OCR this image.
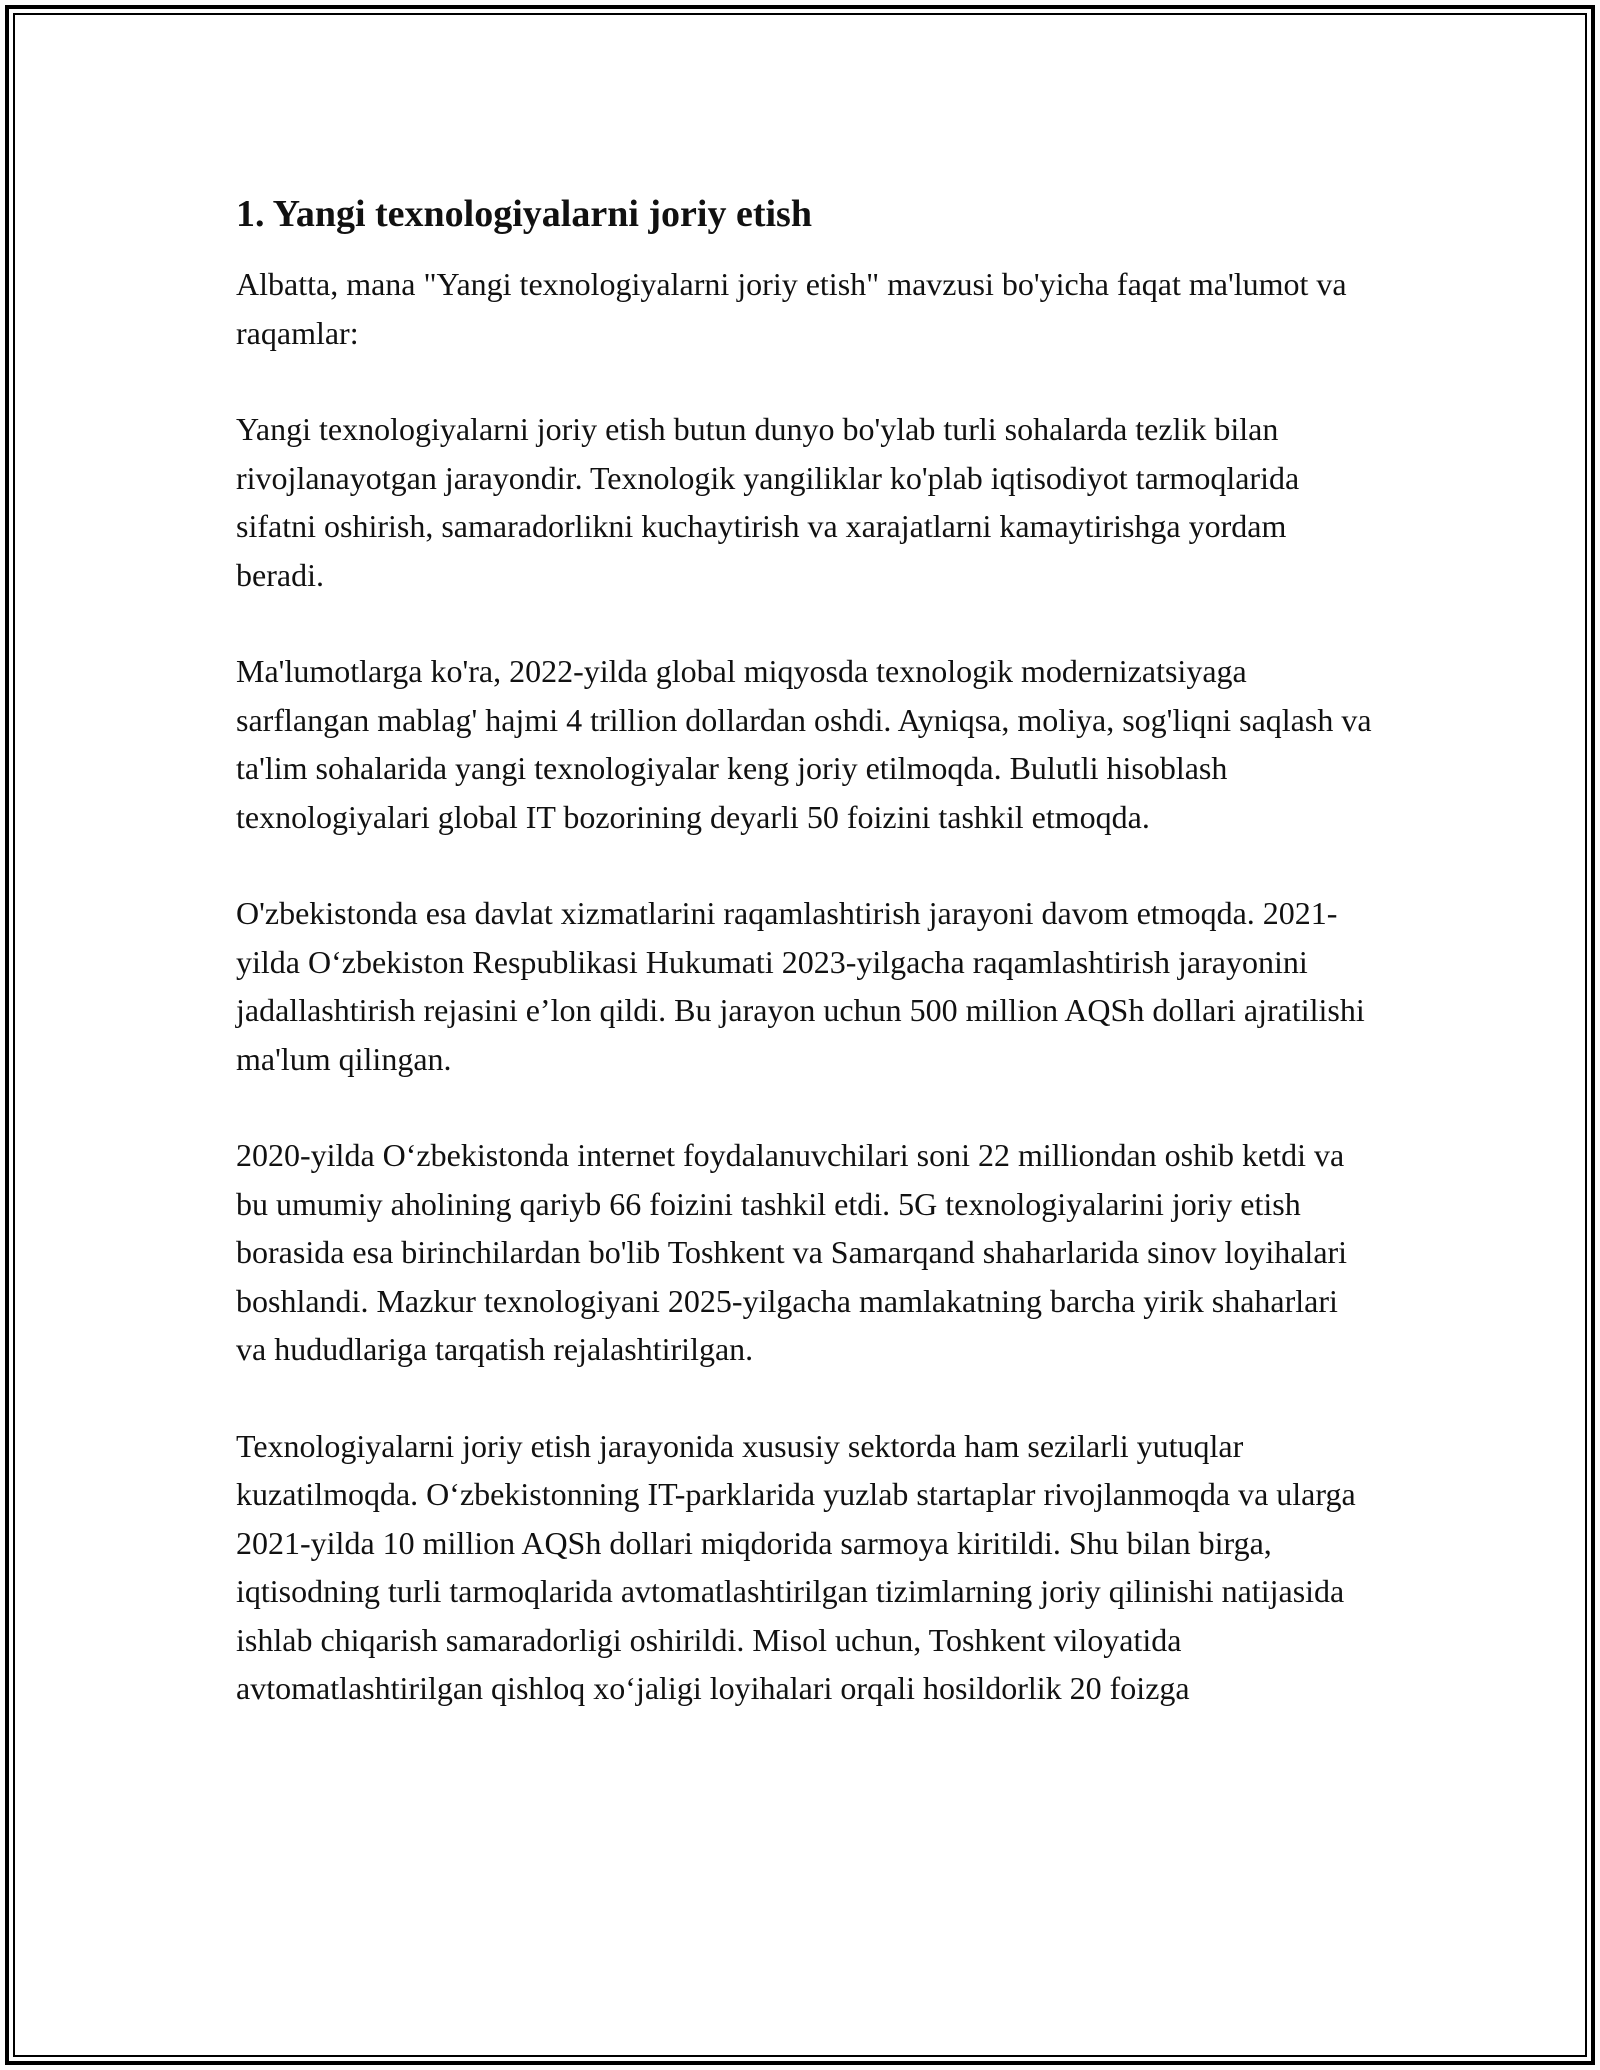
1. Yangi texnologiyalarni joriy etish

Albatta, mana "Yangi texnologiyalarni joriy etish" mavzusi bo'yicha faqat ma'lumot va raqamlar:

Yangi texnologiyalarni joriy etish butun dunyo bo'ylab turli sohalarda tezlik bilan rivojlanayotgan jarayondir. Texnologik yangiliklar ko'plab iqtisodiyot tarmoqlarida sifatni oshirish, samaradorlikni kuchaytirish va xarajatlarni kamaytirishga yordam beradi.

Ma'lumotlarga ko'ra, 2022-yilda global miqyosda texnologik modernizatsiyaga sarflangan mablag' hajmi 4 trillion dollardan oshdi. Ayniqsa, moliya, sog'liqni saqlash va ta'lim sohalarida yangi texnologiyalar keng joriy etilmoqda. Bulutli hisoblash texnologiyalari global IT bozorining deyarli 50 foizini tashkil etmoqda.

O'zbekistonda esa davlat xizmatlarini raqamlashtirish jarayoni davom etmoqda. 2021-yilda O‘zbekiston Respublikasi Hukumati 2023-yilgacha raqamlashtirish jarayonini jadallashtirish rejasini e’lon qildi. Bu jarayon uchun 500 million AQSh dollari ajratilishi ma'lum qilingan.

2020-yilda O‘zbekistonda internet foydalanuvchilari soni 22 milliondan oshib ketdi va bu umumiy aholining qariyb 66 foizini tashkil etdi. 5G texnologiyalarini joriy etish borasida esa birinchilardan bo'lib Toshkent va Samarqand shaharlarida sinov loyihalari boshlandi. Mazkur texnologiyani 2025-yilgacha mamlakatning barcha yirik shaharlari va hududlariga tarqatish rejalashtirilgan.

Texnologiyalarni joriy etish jarayonida xususiy sektorda ham sezilarli yutuqlar kuzatilmoqda. O‘zbekistonning IT-parklarida yuzlab startaplar rivojlanmoqda va ularga 2021-yilda 10 million AQSh dollari miqdorida sarmoya kiritildi. Shu bilan birga, iqtisodning turli tarmoqlarida avtomatlashtirilgan tizimlarning joriy qilinishi natijasida ishlab chiqarish samaradorligi oshirildi. Misol uchun, Toshkent viloyatida avtomatlashtirilgan qishloq xo‘jaligi loyihalari orqali hosildorlik 20 foizga
